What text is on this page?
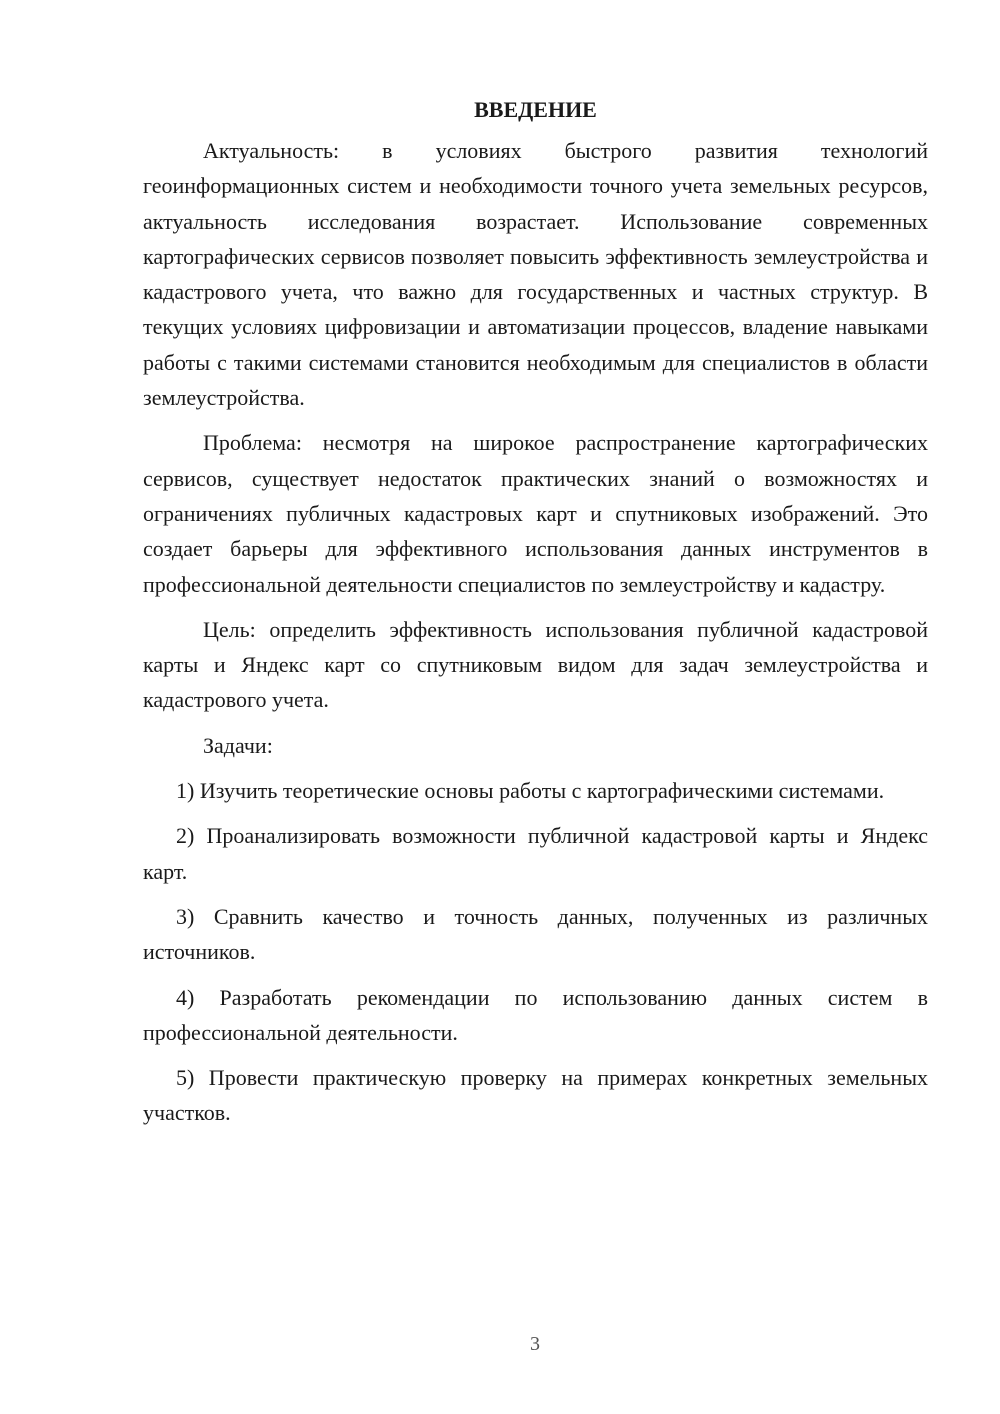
ВВЕДЕНИЕ

Актуальность: в условиях быстрого развития технологий геоинформационных систем и необходимости точного учета земельных ресурсов, актуальность исследования возрастает. Использование современных картографических сервисов позволяет повысить эффективность землеустройства и кадастрового учета, что важно для государственных и частных структур. В текущих условиях цифровизации и автоматизации процессов, владение навыками работы с такими системами становится необходимым для специалистов в области землеустройства.

Проблема: несмотря на широкое распространение картографических сервисов, существует недостаток практических знаний о возможностях и ограничениях публичных кадастровых карт и спутниковых изображений. Это создает барьеры для эффективного использования данных инструментов в профессиональной деятельности специалистов по землеустройству и кадастру.

Цель: определить эффективность использования публичной кадастровой карты и Яндекс карт со спутниковым видом для задач землеустройства и кадастрового учета.

Задачи:

1) Изучить теоретические основы работы с картографическими системами.

2) Проанализировать возможности публичной кадастровой карты и Яндекс карт.

3) Сравнить качество и точность данных, полученных из различных источников.

4) Разработать рекомендации по использованию данных систем в профессиональной деятельности.

5) Провести практическую проверку на примерах конкретных земельных участков.

3
